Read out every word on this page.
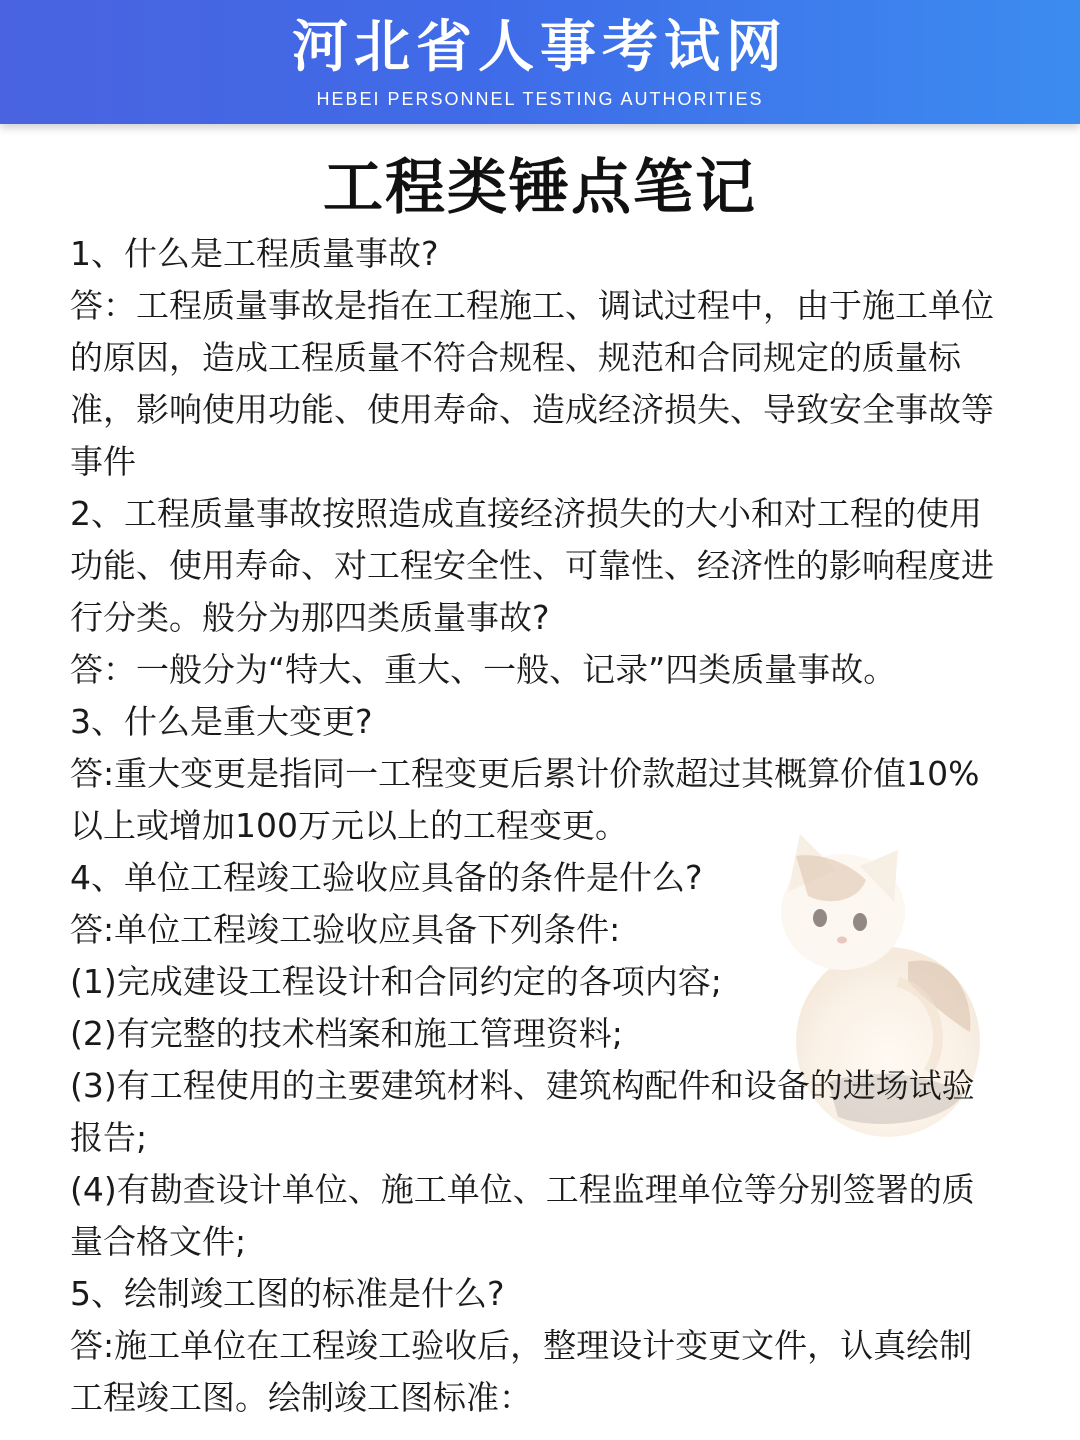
河北省人事考试网
HEBEI PERSONNEL TESTING AUTHORITIES
工程类锤点笔记
1、什么是工程质量事故?
答：工程质量事故是指在工程施工、调试过程中，由于施工单位
的原因，造成工程质量不符合规程、规范和合同规定的质量标
准，影响使用功能、使用寿命、造成经济损失、导致安全事故等
事件
2、工程质量事故按照造成直接经济损失的大小和对工程的使用
功能、使用寿命、对工程安全性、可靠性、经济性的影响程度进
行分类。般分为那四类质量事故?
答：一般分为“特大、重大、一般、记录”四类质量事故。
3、什么是重大变更?
答:重大变更是指同一工程变更后累计价款超过其概算价值10%
以上或增加100万元以上的工程变更。
4、单位工程竣工验收应具备的条件是什么?
答:单位工程竣工验收应具备下列条件:
(1)完成建设工程设计和合同约定的各项内容;
(2)有完整的技术档案和施工管理资料;
(3)有工程使用的主要建筑材料、建筑构配件和设备的进场试验
报告;
(4)有勘查设计单位、施工单位、工程监理单位等分别签署的质
量合格文件;
5、绘制竣工图的标准是什么?
答:施工单位在工程竣工验收后，整理设计变更文件，认真绘制
工程竣工图。绘制竣工图标准：
